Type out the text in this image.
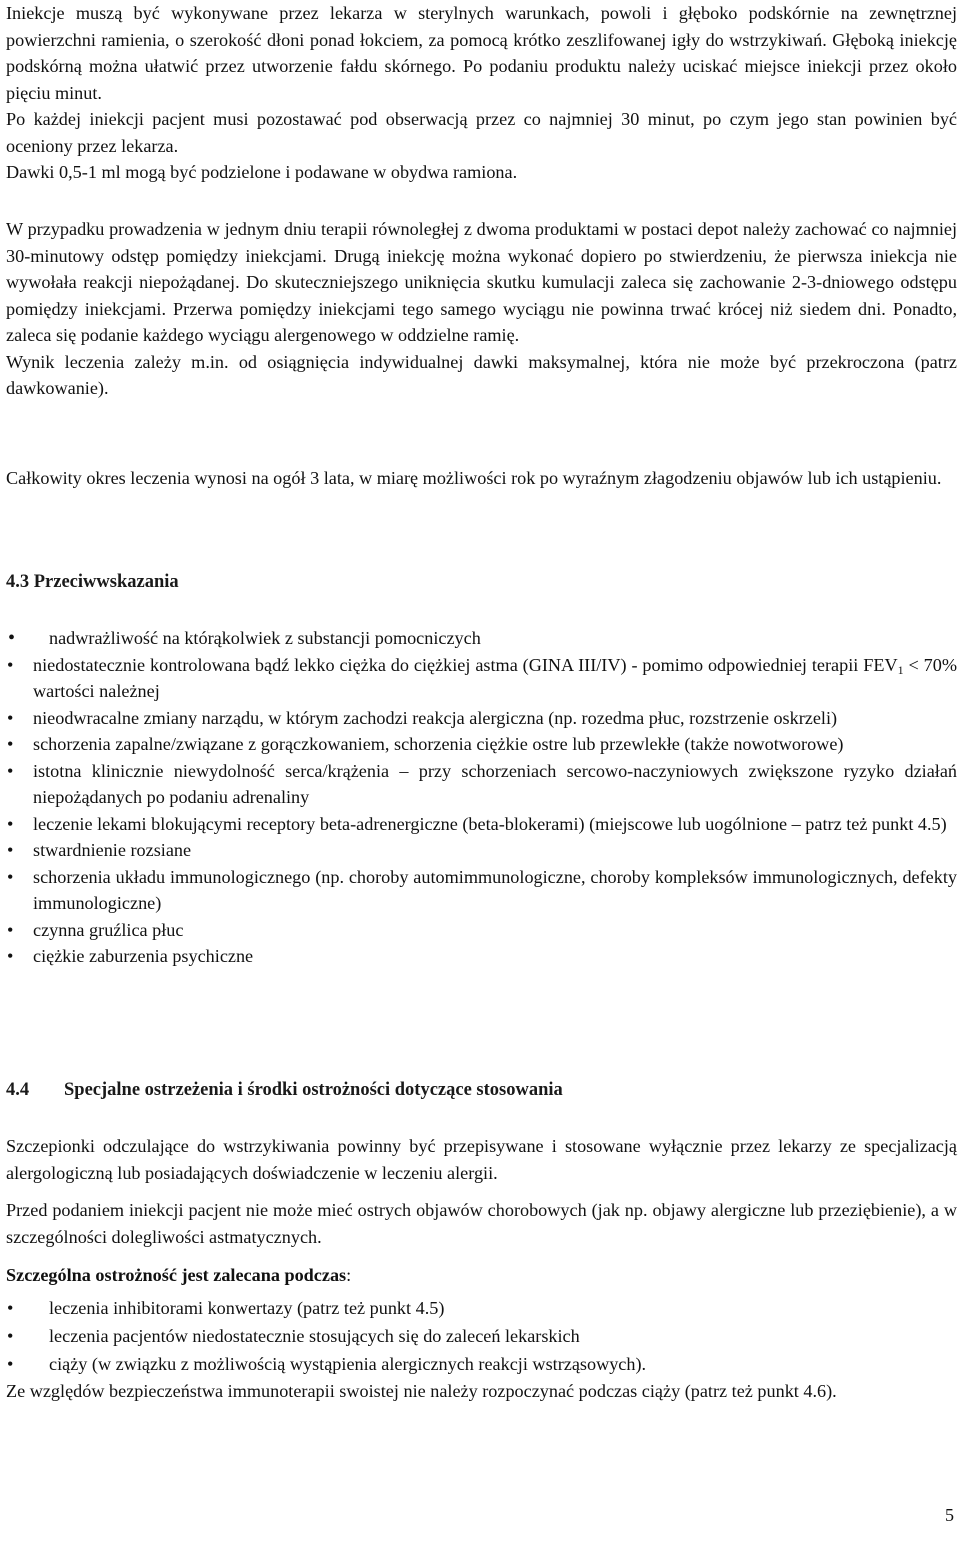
Iniekcje muszą być wykonywane przez lekarza w sterylnych warunkach, powoli i głęboko podskórnie na zewnętrznej powierzchni ramienia, o szerokość dłoni ponad łokciem, za pomocą krótko zeszlifowanej igły do wstrzykiwań. Głęboką iniekcję podskórną można ułatwić przez utworzenie fałdu skórnego. Po podaniu produktu należy uciskać miejsce iniekcji przez około pięciu minut.

Po każdej iniekcji pacjent musi pozostawać pod obserwacją przez co najmniej 30 minut, po czym jego stan powinien być oceniony przez lekarza.

Dawki 0,5-1 ml mogą być podzielone i podawane w obydwa ramiona.

W przypadku prowadzenia w jednym dniu terapii równoległej z dwoma produktami w postaci depot należy zachować co najmniej 30-minutowy odstęp pomiędzy iniekcjami. Drugą iniekcję można wykonać dopiero po stwierdzeniu, że pierwsza iniekcja nie wywołała reakcji niepożądanej. Do skuteczniejszego uniknięcia skutku kumulacji zaleca się zachowanie 2-3-dniowego odstępu pomiędzy iniekcjami. Przerwa pomiędzy iniekcjami tego samego wyciągu nie powinna trwać krócej niż siedem dni. Ponadto, zaleca się podanie każdego wyciągu alergenowego w oddzielne ramię.

Wynik leczenia zależy m.in. od osiągnięcia indywidualnej dawki maksymalnej, która nie może być przekroczona (patrz dawkowanie).

Całkowity okres leczenia wynosi na ogół 3 lata, w miarę możliwości rok po wyraźnym złagodzeniu objawów lub ich ustąpieniu.

4.3 Przeciwwskazania
• nadwrażliwość na którąkolwiek z substancji pomocniczych
• niedostatecznie kontrolowana bądź lekko ciężka do ciężkiej astma (GINA III/IV) - pomimo odpowiedniej terapii $FEV_1 < 70\%$ wartości należnej
• nieodwracalne zmiany narządu, w którym zachodzi reakcja alergiczna (np. rozedma płuc, rozstrzenie oskrzeli)
• schorzenia zapalne/związane z gorączkowaniem, schorzenia ciężkie ostre lub przewlekłe (także nowotworowe)
• istotna klinicznie niewydolność serca/krążenia – przy schorzeniach sercowo-naczyniowych zwiększone ryzyko działań niepożądanych po podaniu adrenaliny
• leczenie lekami blokującymi receptory beta-adrenergiczne (beta-blokerami) (miejscowe lub uogólnione – patrz też punkt 4.5)
• stwardnienie rozsiane
• schorzenia układu immunologicznego (np. choroby automimmunologiczne, choroby kompleksów immunologicznych, defekty immunologiczne)
• czynna gruźlica płuc
• ciężkie zaburzenia psychiczne
4.4 Specjalne ostrzeżenia i środki ostrożności dotyczące stosowania

Szczepionki odczulające do wstrzykiwania powinny być przepisywane i stosowane wyłącznie przez lekarzy ze specjalizacją alergologiczną lub posiadających doświadczenie w leczeniu alergii.

Przed podaniem iniekcji pacjent nie może mieć ostrych objawów chorobowych (jak np. objawy alergiczne lub przeziębienie), a w szczególności dolegliwości astmatycznych.

Szczególna ostrożność jest zalecana podczas:
• leczenia inhibitorami konwertazy (patrz też punkt 4.5)
• leczenia pacjentów niedostatecznie stosujących się do zaleceń lekarskich
• ciąży (w związku z możliwością wystąpienia alergicznych reakcji wstrząsowych).

Ze względów bezpieczeństwa immunoterapii swoistej nie należy rozpoczynać podczas ciąży (patrz też punkt 4.6).

5
